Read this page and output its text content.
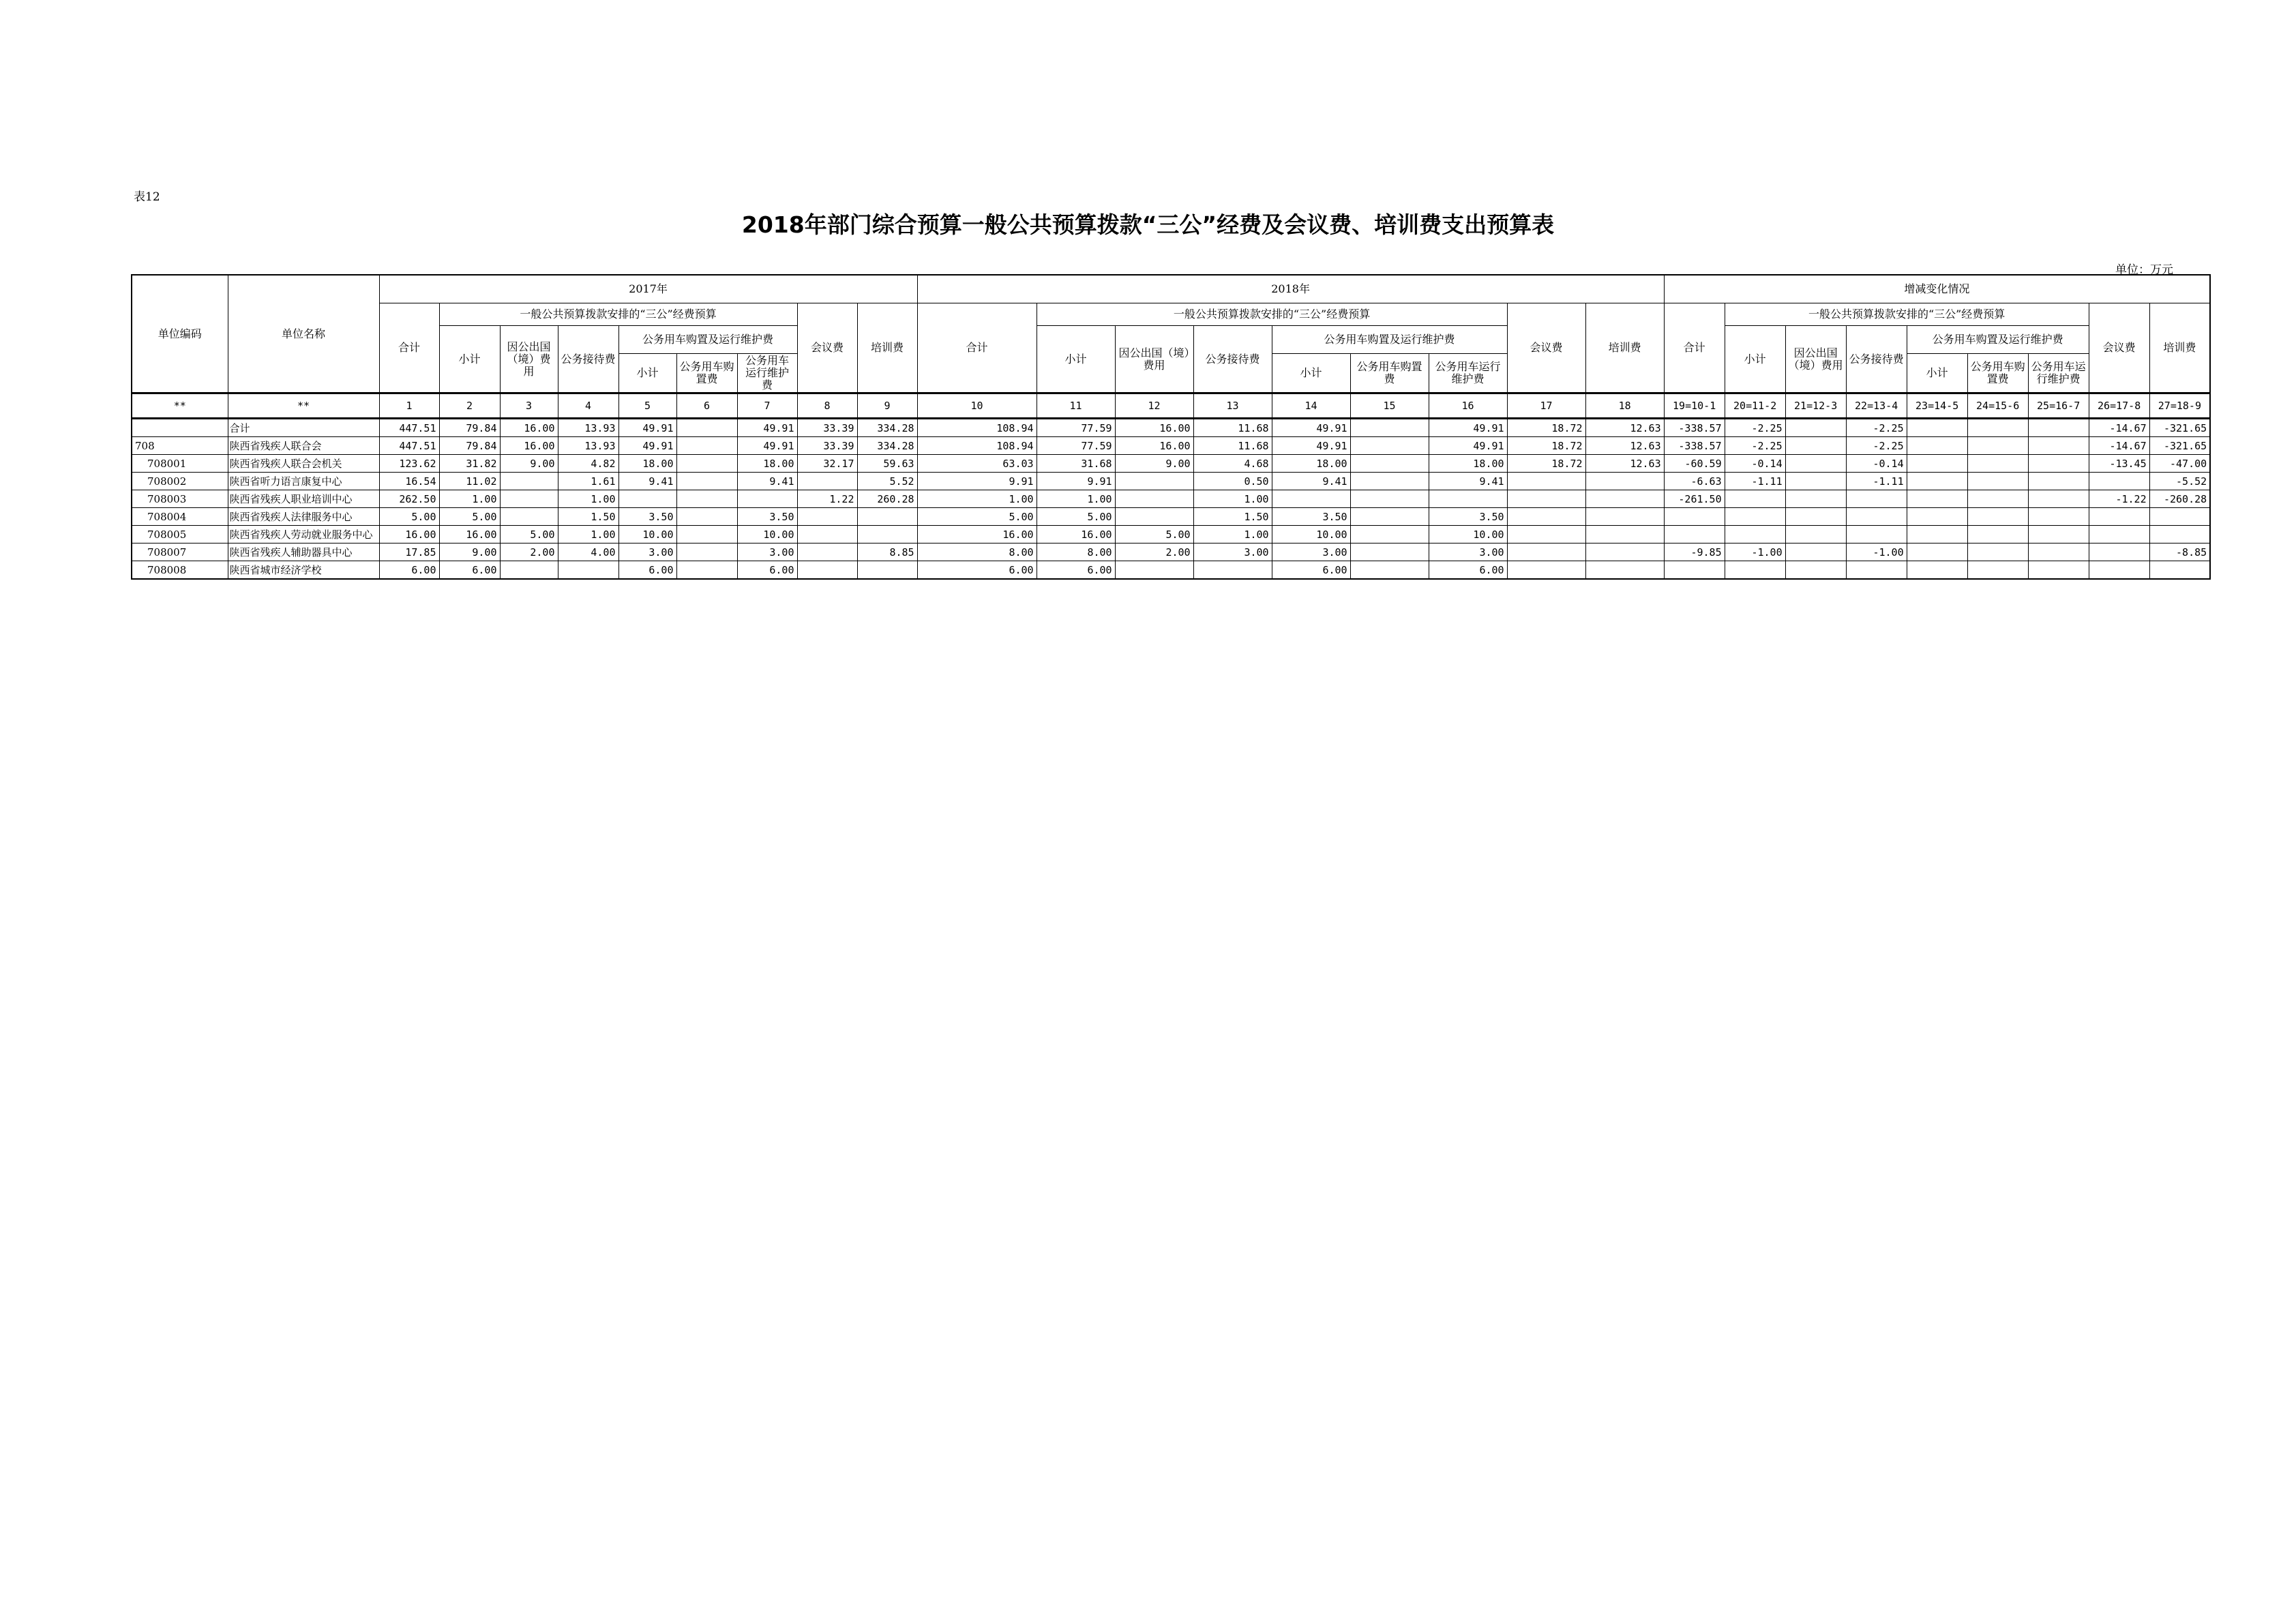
表12
2018年部门综合预算一般公共预算拨款“三公”经费及会议费、培训费支出预算表
单位：万元
单位编码	单位名称	2017年									2018年									增减变化情况								
		合计	一般公共预算拨款安排的“三公”经费预算						会议费	培训费	合计	一般公共预算拨款安排的“三公”经费预算						会议费	培训费	合计	一般公共预算拨款安排的“三公”经费预算						会议费	培训费
			小计	因公出国（境）费用	公务接待费	公务用车购置及运行维护费						小计	因公出国（境）费用	公务接待费	公务用车购置及运行维护费						小计	因公出国（境）费用	公务接待费	公务用车购置及运行维护费				
						小计	公务用车购置费	公务用车运行维护费							小计	公务用车购置费	公务用车运行维护费							小计	公务用车购置费	公务用车运行维护费		
**	**	1	2	3	4	5	6	7	8	9	10	11	12	13	14	15	16	17	18	19=10-1	20=11-2	21=12-3	22=13-4	23=14-5	24=15-6	25=16-7	26=17-8	27=18-9
	合计	447.51	79.84	16.00	13.93	49.91		49.91	33.39	334.28	108.94	77.59	16.00	11.68	49.91		49.91	18.72	12.63	-338.57	-2.25		-2.25				-14.67	-321.65
708	陕西省残疾人联合会	447.51	79.84	16.00	13.93	49.91		49.91	33.39	334.28	108.94	77.59	16.00	11.68	49.91		49.91	18.72	12.63	-338.57	-2.25		-2.25				-14.67	-321.65
708001	陕西省残疾人联合会机关	123.62	31.82	9.00	4.82	18.00		18.00	32.17	59.63	63.03	31.68	9.00	4.68	18.00		18.00	18.72	12.63	-60.59	-0.14		-0.14				-13.45	-47.00
708002	陕西省听力语言康复中心	16.54	11.02		1.61	9.41		9.41		5.52	9.91	9.91		0.50	9.41		9.41			-6.63	-1.11		-1.11					-5.52
708003	陕西省残疾人职业培训中心	262.50	1.00		1.00				1.22	260.28	1.00	1.00		1.00						-261.50							-1.22	-260.28
708004	陕西省残疾人法律服务中心	5.00	5.00		1.50	3.50		3.50			5.00	5.00		1.50	3.50		3.50											
708005	陕西省残疾人劳动就业服务中心	16.00	16.00	5.00	1.00	10.00		10.00			16.00	16.00	5.00	1.00	10.00		10.00											
708007	陕西省残疾人辅助器具中心	17.85	9.00	2.00	4.00	3.00		3.00		8.85	8.00	8.00	2.00	3.00	3.00		3.00			-9.85	-1.00		-1.00					-8.85
708008	陕西省城市经济学校	6.00	6.00			6.00		6.00			6.00	6.00			6.00		6.00											
